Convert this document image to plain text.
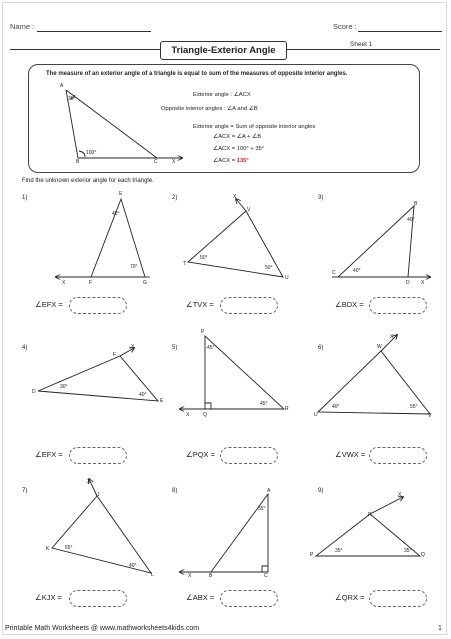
Name :	Score :
Triangle-Exterior Angle
Sheet 1
The measure of an exterior angle of a triangle is equal to sum of the measures of opposite interior angles.
Exterior angle : ∠ACX
Opposite interior angles : ∠A and ∠B
Exterior angle = Sum of opposite interior angles
∠ACX = ∠A + ∠B
∠ACX = 100° + 35°
∠ACX = 135°
A
35°
B
100°
C	X
Find the unknown exterior angle for each triangle.
1)	2)	3)
4)	5)	6)
7)	8)	9)
E
40°
70°
F	G
X
V
X
T
U
50°
50°
B
C
D X
40°
40°
F
X
D
E
30°
40°
P
45°
45°
X	Q
R
W
X
U	V
40°	55°
X
J
K
L
65°
40°
A
35°
X	B	C
R
X
P	Q
35°	35°
∠EFX =	∠TVX =	∠BDX =
∠EFX =	∠PQX =	∠VWX =
∠KJX =	∠ABX =	∠QRX =
Printable Math Worksheets @ www.mathworksheets4kids.com	1
